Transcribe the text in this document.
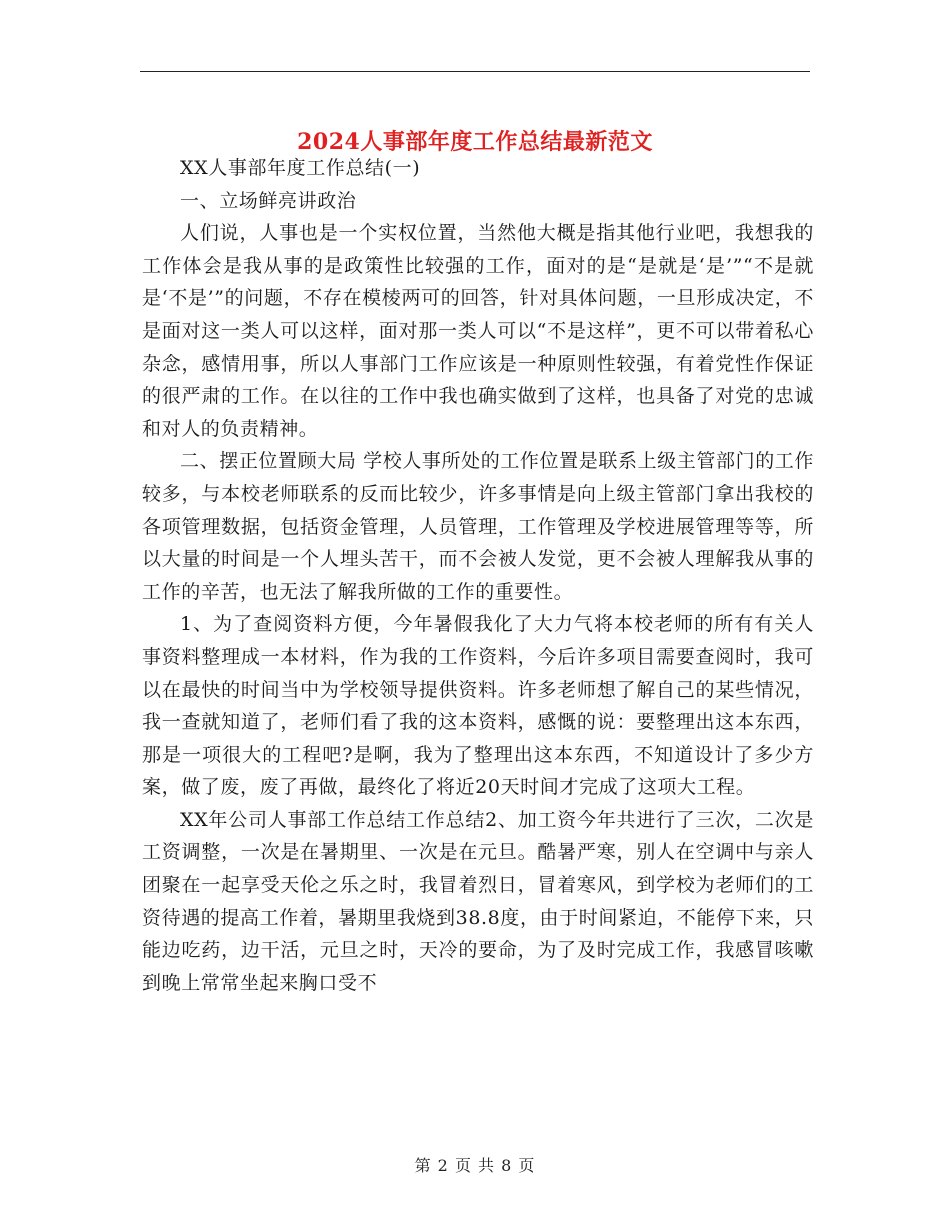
2024人事部年度工作总结最新范文

XX人事部年度工作总结(一)

一、立场鲜亮讲政治

人们说，人事也是一个实权位置，当然他大概是指其他行业吧，我想我的工作体会是我从事的是政策性比较强的工作，面对的是“是就是‘是’”“不是就是‘不是’”的问题，不存在模棱两可的回答，针对具体问题，一旦形成决定，不是面对这一类人可以这样，面对那一类人可以“不是这样”，更不可以带着私心杂念，感情用事，所以人事部门工作应该是一种原则性较强，有着党性作保证的很严肃的工作。在以往的工作中我也确实做到了这样，也具备了对党的忠诚和对人的负责精神。

二、摆正位置顾大局 学校人事所处的工作位置是联系上级主管部门的工作较多，与本校老师联系的反而比较少，许多事情是向上级主管部门拿出我校的各项管理数据，包括资金管理，人员管理，工作管理及学校进展管理等等，所以大量的时间是一个人埋头苦干，而不会被人发觉，更不会被人理解我从事的工作的辛苦，也无法了解我所做的工作的重要性。

1、为了查阅资料方便，今年暑假我化了大力气将本校老师的所有有关人事资料整理成一本材料，作为我的工作资料，今后许多项目需要查阅时，我可以在最快的时间当中为学校领导提供资料。许多老师想了解自己的某些情况，我一查就知道了，老师们看了我的这本资料，感慨的说：要整理出这本东西，那是一项很大的工程吧?是啊，我为了整理出这本东西，不知道设计了多少方案，做了废，废了再做，最终化了将近20天时间才完成了这项大工程。

XX年公司人事部工作总结工作总结2、加工资今年共进行了三次，二次是工资调整，一次是在暑期里、一次是在元旦。酷暑严寒，别人在空调中与亲人团聚在一起享受天伦之乐之时，我冒着烈日，冒着寒风，到学校为老师们的工资待遇的提高工作着，暑期里我烧到38.8度，由于时间紧迫，不能停下来，只能边吃药，边干活，元旦之时，天冷的要命，为了及时完成工作，我感冒咳嗽到晚上常常坐起来胸口受不

第 2 页 共 8 页
